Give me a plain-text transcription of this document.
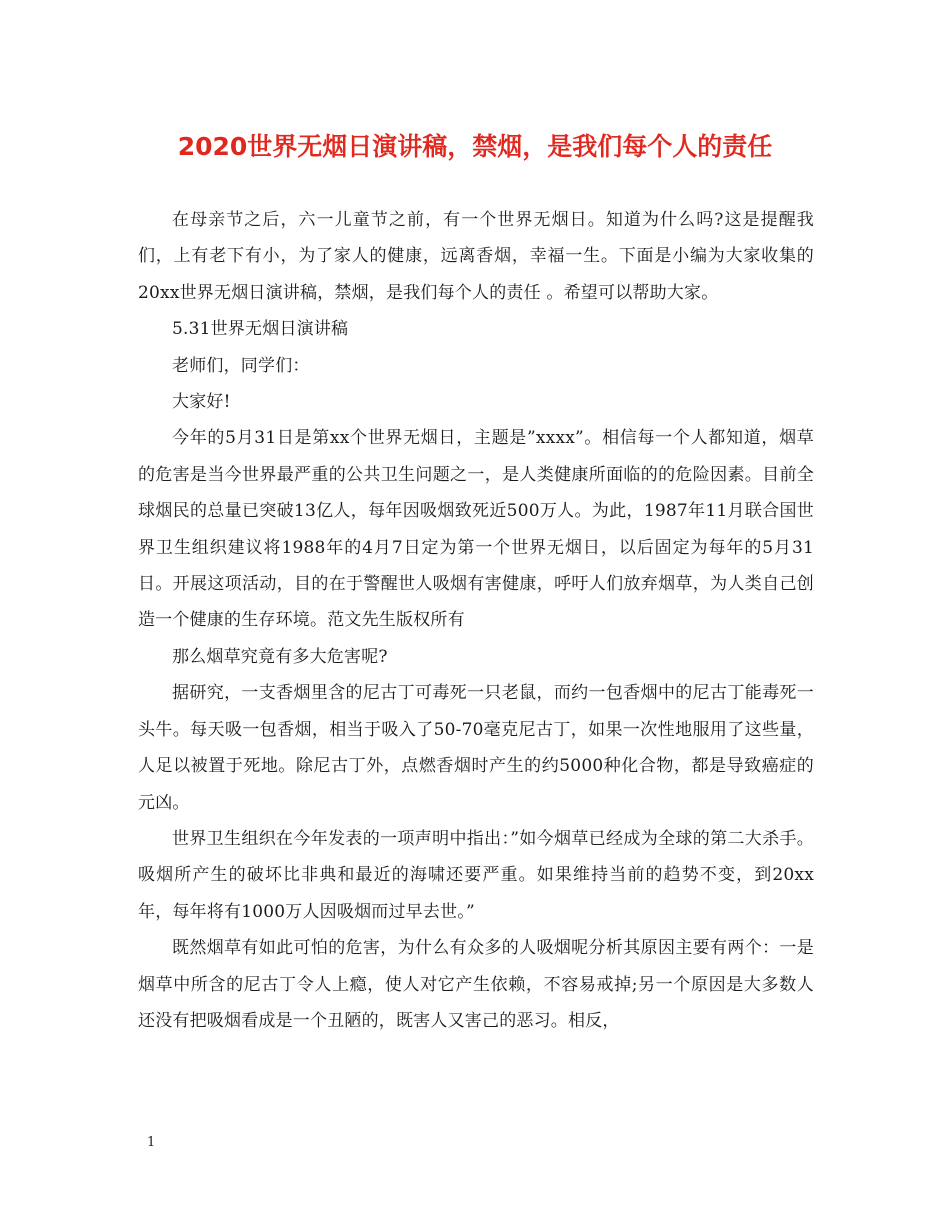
2020世界无烟日演讲稿，禁烟，是我们每个人的责任

在母亲节之后，六一儿童节之前，有一个世界无烟日。知道为什么吗?这是提醒我们，上有老下有小，为了家人的健康，远离香烟，幸福一生。下面是小编为大家收集的20xx世界无烟日演讲稿，禁烟，是我们每个人的责任 。希望可以帮助大家。

5.31世界无烟日演讲稿

老师们，同学们：

大家好!

今年的5月31日是第xx个世界无烟日，主题是”xxxx”。相信每一个人都知道，烟草的危害是当今世界最严重的公共卫生问题之一，是人类健康所面临的的危险因素。目前全球烟民的总量已突破13亿人，每年因吸烟致死近500万人。为此，1987年11月联合国世界卫生组织建议将1988年的4月7日定为第一个世界无烟日，以后固定为每年的5月31日。开展这项活动，目的在于警醒世人吸烟有害健康，呼吁人们放弃烟草，为人类自己创造一个健康的生存环境。范文先生版权所有

那么烟草究竟有多大危害呢?

据研究，一支香烟里含的尼古丁可毒死一只老鼠，而约一包香烟中的尼古丁能毒死一头牛。每天吸一包香烟，相当于吸入了50-70毫克尼古丁，如果一次性地服用了这些量，人足以被置于死地。除尼古丁外，点燃香烟时产生的约5000种化合物，都是导致癌症的元凶。

世界卫生组织在今年发表的一项声明中指出：”如今烟草已经成为全球的第二大杀手。吸烟所产生的破坏比非典和最近的海啸还要严重。如果维持当前的趋势不变，到20xx年，每年将有1000万人因吸烟而过早去世。”

既然烟草有如此可怕的危害，为什么有众多的人吸烟呢分析其原因主要有两个：一是烟草中所含的尼古丁令人上瘾，使人对它产生依赖，不容易戒掉;另一个原因是大多数人还没有把吸烟看成是一个丑陋的，既害人又害己的恶习。相反，

1
